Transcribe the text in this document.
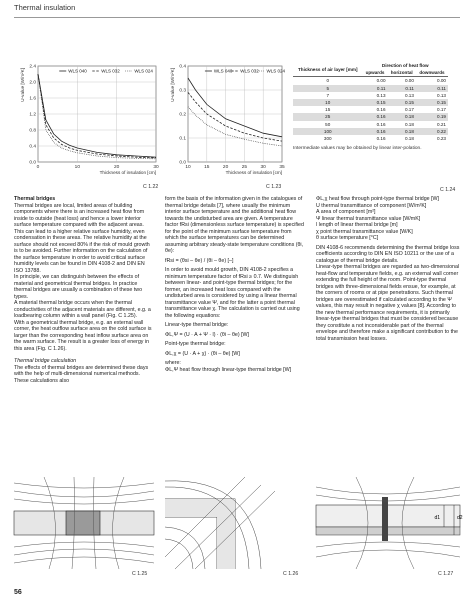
Thermal insulation
0.0
0.4
0.8
1.2
1.6
2.0
2.4
0	10	20	30
Thickness of insulation [cm]
U-value [W/m²K]	WLS 040	WLS 032	WLS 024
C 1.22
0.0
0.1
0.2
0.3
0.4
10	15	20	25	30	35
Thickness of insulation [cm]
U-value [W/m²K]	WLS 040 WLS 032 WLS 024
C 1.23
Thickness of air layer [mm]	Direction of heat flow		
	upwards	horizontal	downwards
0	0.00	0.00	0.00
5	0.11	0.11	0.11
7	0.13	0.13	0.13
10	0.15	0.15	0.15
15	0.16	0.17	0.17
25	0.16	0.18	0.19
50	0.16	0.18	0.21
100	0.16	0.18	0.22
300	0.16	0.18	0.23
Intermediate values may be obtained by linear inter-polation.
C 1.24

Thermal bridges

Thermal bridges are local, limited areas of building components where there is an increased heat flow from inside to outside (heat loss) and hence a lower interior surface temperature compared with the adjacent areas. This can lead to a higher relative surface humidity, even condensation in these areas. The relative humidity at the surface should not exceed 80% if the risk of mould growth is to be avoided. Further information on the calculation of the surface temperature in order to avoid critical surface humidity levels can be found in DIN 4108-2 and DIN EN ISO 13788.

In principle, we can distinguish between the effects of material and geometrical thermal bridges. In practice thermal bridges are usually a combination of these two types.

A material thermal bridge occurs when the thermal conductivities of the adjacent materials are different, e.g. a loadbearing column within a wall panel (Fig. C 1.25).

With a geometrical thermal bridge, e.g. an external wall corner, the heat outflow surface area on the cold surface is larger than the corresponding heat inflow surface area on the warm surface. The result is a greater loss of energy in this area (Fig. C 1.26).

Thermal bridge calculation

The effects of thermal bridges are determined these days with the help of multi-dimensional numerical methods. These calculations also

form the basis of the information given in the catalogues of thermal bridge details [7], where usually the minimum interior surface temperature and the additional heat flow towards the undisturbed area are given. A temperature factor fRsi (dimensionless surface temperature) is specified for the point of the minimum surface temperature from which the surface temperatures can be determined assuming arbitrary steady-state temperature conditions (θi, θe):

fRsi = (θsi – θe) / (θi – θe) [–]

In order to avoid mould growth, DIN 4108-2 specifies a minimum temperature factor of fRsi ≥ 0.7. We distinguish between linear- and point-type thermal bridges; for the former, an increased heat loss compared with the undisturbed area is considered by using a linear thermal transmittance value Ψ, and for the latter a point thermal transmittance value χ. The calculation is carried out using the following equations:

Linear-type thermal bridge:

ΦL,Ψ = (U · A + Ψ · l) · (θi – θe) [W]

Point-type thermal bridge:

ΦL,χ = (U · A + χ) · (θi – θe) [W]

where:

ΦL,Ψ heat flow through linear-type thermal bridge [W]

ΦL,χ heat flow through point-type thermal bridge [W]

U thermal transmittance of component [W/m²K]

A area of component [m²]

Ψ linear thermal transmittance value [W/mK]

l length of linear thermal bridge [m]

χ point thermal transmittance value [W/K]

θ surface temperature [°C]

DIN 4108-6 recommends determining the thermal bridge loss coefficients according to DIN EN ISO 10211 or the use of a catalogue of thermal bridge details.

Linear-type thermal bridges are regarded as two-dimensional heat-flow and temperature fields, e.g. an external wall corner extending the full height of the room. Point-type thermal bridges with three-dimensional fields ensue, for example, at the corners of rooms or at pipe penetrations. Such thermal bridges are overestimated if calculated according to the Ψ values, this may result in negative χ values [8]. According to the new thermal performance requirements, it is primarily linear-type thermal bridges that must be considered because they constitute a not inconsiderable part of the thermal envelope and therefore make a significant contribution to the total transmission heat losses.

C 1.25	C 1.26
d1	d2
C 1.27
56
